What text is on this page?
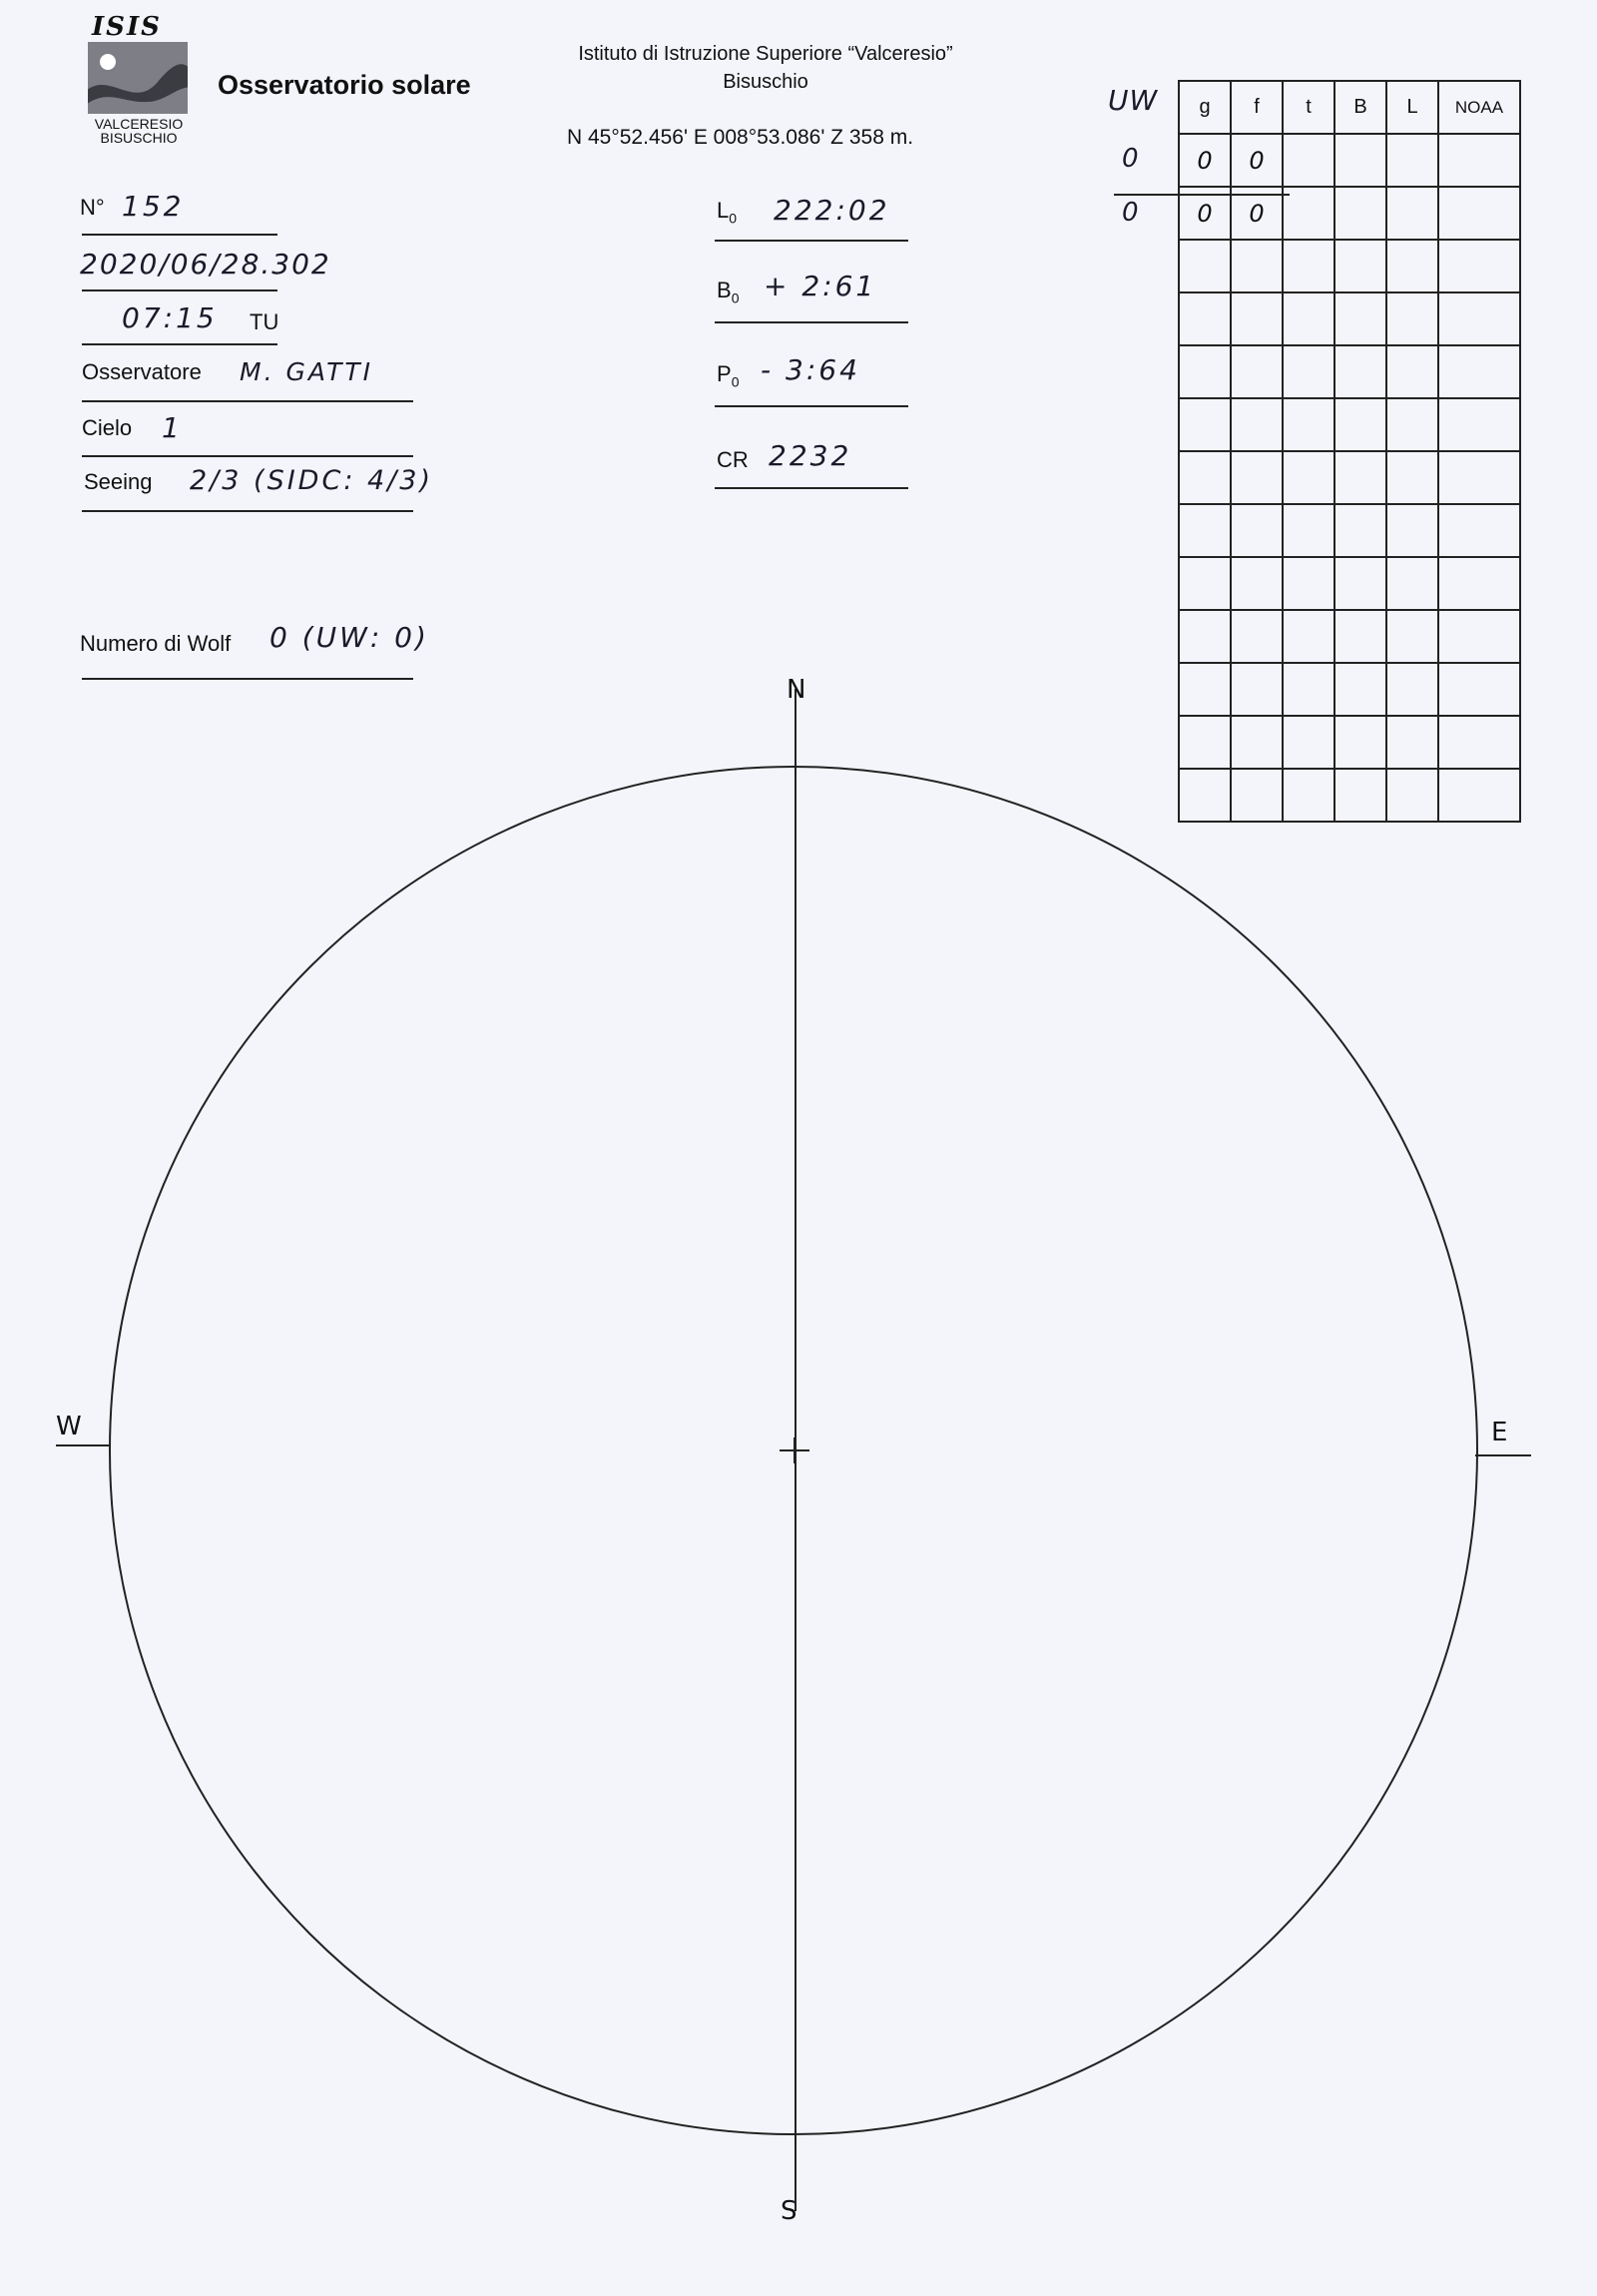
ISIS
VALCERESIO
BISUSCHIO
Osservatorio solare
Istituto di Istruzione Superiore “Valceresio”
Bisuschio
N 45°52.456' E 008°53.086' Z 358 m.
N° 152
2020/06/28.302
07:15 TU
Osservatore M. GATTI
Cielo 1
Seeing 2/3 (SIDC: 4/3)
Numero di Wolf 0 (UW: 0)
$L_0$ 222:02
$B_0$ + 2:61
$P_0$ - 3:64
CR 2232
UW
0
0
g	f	t	B	L	NOAA
0	0				
0	0				

N
S
E
W
